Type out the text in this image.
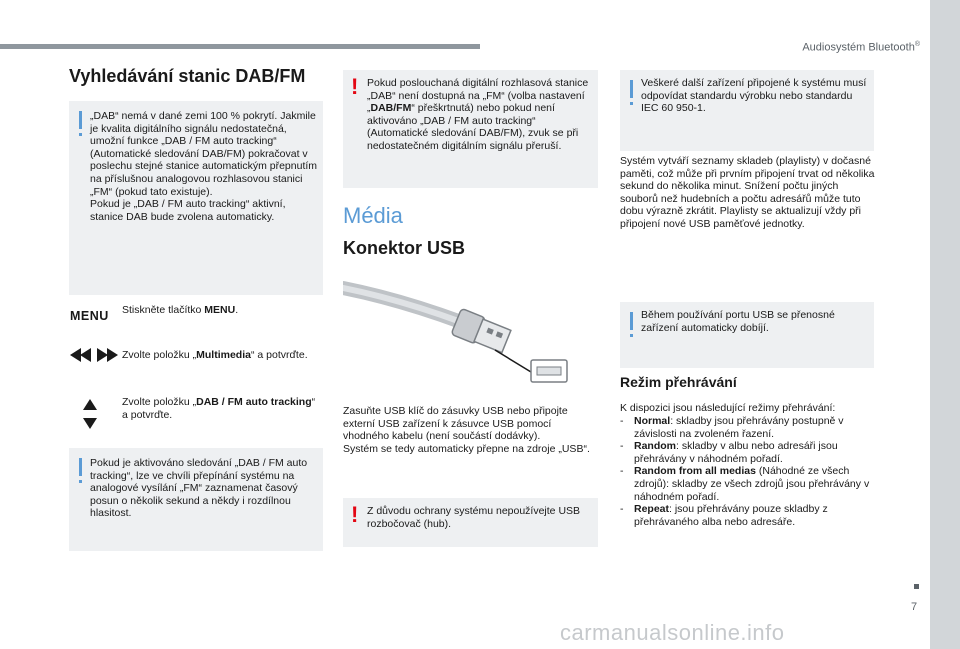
Audiosystém Bluetooth®
Vyhledávání stanic DAB/FM
„DAB“ nemá v dané zemi 100 % pokrytí. Jakmile je kvalita digitálního signálu nedostatečná, umožní funkce „DAB / FM auto tracking“ (Automatické sledování DAB/FM) pokračovat v poslechu stejné stanice automatickým přepnutím na příslušnou analogovou rozhlasovou stanici „FM“ (pokud tato existuje).
Pokud je „DAB / FM auto tracking“ aktivní, stanice DAB bude zvolena automaticky.
MENU Stiskněte tlačítko MENU.
Zvolte položku „Multimedia“ a potvrďte.
Zvolte položku „DAB / FM auto tracking“ a potvrďte.
Pokud je aktivováno sledování „DAB / FM auto tracking“, lze ve chvíli přepínání systému na analogové vysílání „FM“ zaznamenat časový posun o několik sekund a někdy i rozdílnou hlasitost.
! Pokud poslouchaná digitální rozhlasová stanice „DAB“ není dostupná na „FM“ (volba nastavení „DAB/FM“ přeškrtnutá) nebo pokud není aktivováno „DAB / FM auto tracking“ (Automatické sledování DAB/FM), zvuk se při nedostatečném digitálním signálu přeruší.
Média
Konektor USB
Zasuňte USB klíč do zásuvky USB nebo připojte externí USB zařízení k zásuvce USB pomocí vhodného kabelu (není součástí dodávky).
Systém se tedy automaticky přepne na zdroje „USB“.
! Z důvodu ochrany systému nepoužívejte USB rozbočovač (hub).
Veškeré další zařízení připojené k systému musí odpovídat standardu výrobku nebo standardu IEC 60 950-1.
Systém vytváří seznamy skladeb (playlisty) v dočasné paměti, což může při prvním připojení trvat od několika sekund do několika minut. Snížení počtu jiných souborů než hudebních a počtu adresářů může tuto dobu výrazně zkrátit. Playlisty se aktualizují vždy při připojení nové USB paměťové jednotky.
Během používání portu USB se přenosné zařízení automaticky dobíjí.
Režim přehrávání
K dispozici jsou následující režimy přehrávání:
- Normal: skladby jsou přehrávány postupně v závislosti na zvoleném řazení.
- Random: skladby v albu nebo adresáři jsou přehrávány v náhodném pořadí.
- Random from all medias (Náhodné ze všech zdrojů): skladby ze všech zdrojů jsou přehrávány v náhodném pořadí.
- Repeat: jsou přehrávány pouze skladby z přehrávaného alba nebo adresáře.
7
carmanualsonline.info
